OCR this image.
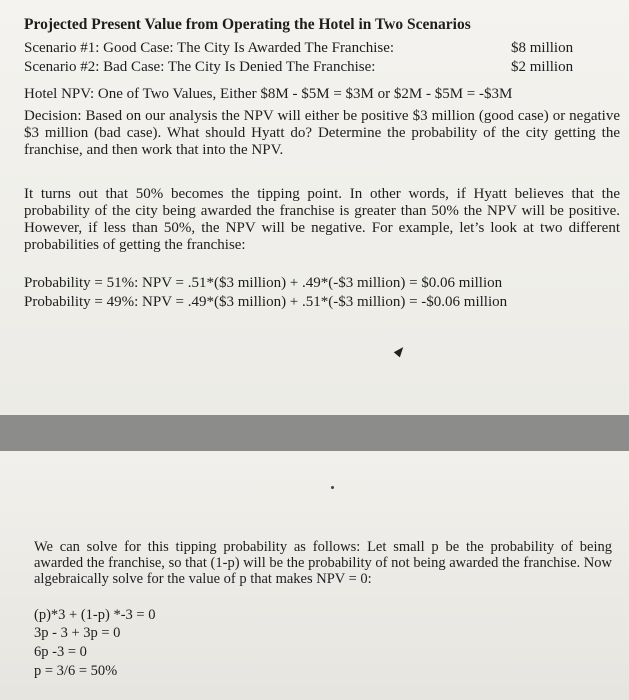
Projected Present Value from Operating the Hotel in Two Scenarios
Scenario #1: Good Case: The City Is Awarded The Franchise:	$8 million
Scenario #2: Bad Case: The City Is Denied The Franchise:	$2 million
Hotel NPV: One of Two Values, Either $8M - $5M = $3M or $2M - $5M = -$3M
Decision: Based on our analysis the NPV will either be positive $3 million (good case) or negative $3 million (bad case). What should Hyatt do? Determine the probability of the city getting the franchise, and then work that into the NPV.
It turns out that 50% becomes the tipping point. In other words, if Hyatt believes that the probability of the city being awarded the franchise is greater than 50% the NPV will be positive. However, if less than 50%, the NPV will be negative. For example, let’s look at two different probabilities of getting the franchise:
Probability = 51%: NPV = .51*($3 million) + .49*(-$3 million) = $0.06 million
Probability = 49%: NPV = .49*($3 million) + .51*(-$3 million) = -$0.06 million
We can solve for this tipping probability as follows: Let small p be the probability of being awarded the franchise, so that (1-p) will be the probability of not being awarded the franchise. Now algebraically solve for the value of p that makes NPV = 0:
(p)*3 + (1-p) *-3 = 0
3p - 3 + 3p = 0
6p -3 = 0
p = 3/6 = 50%
